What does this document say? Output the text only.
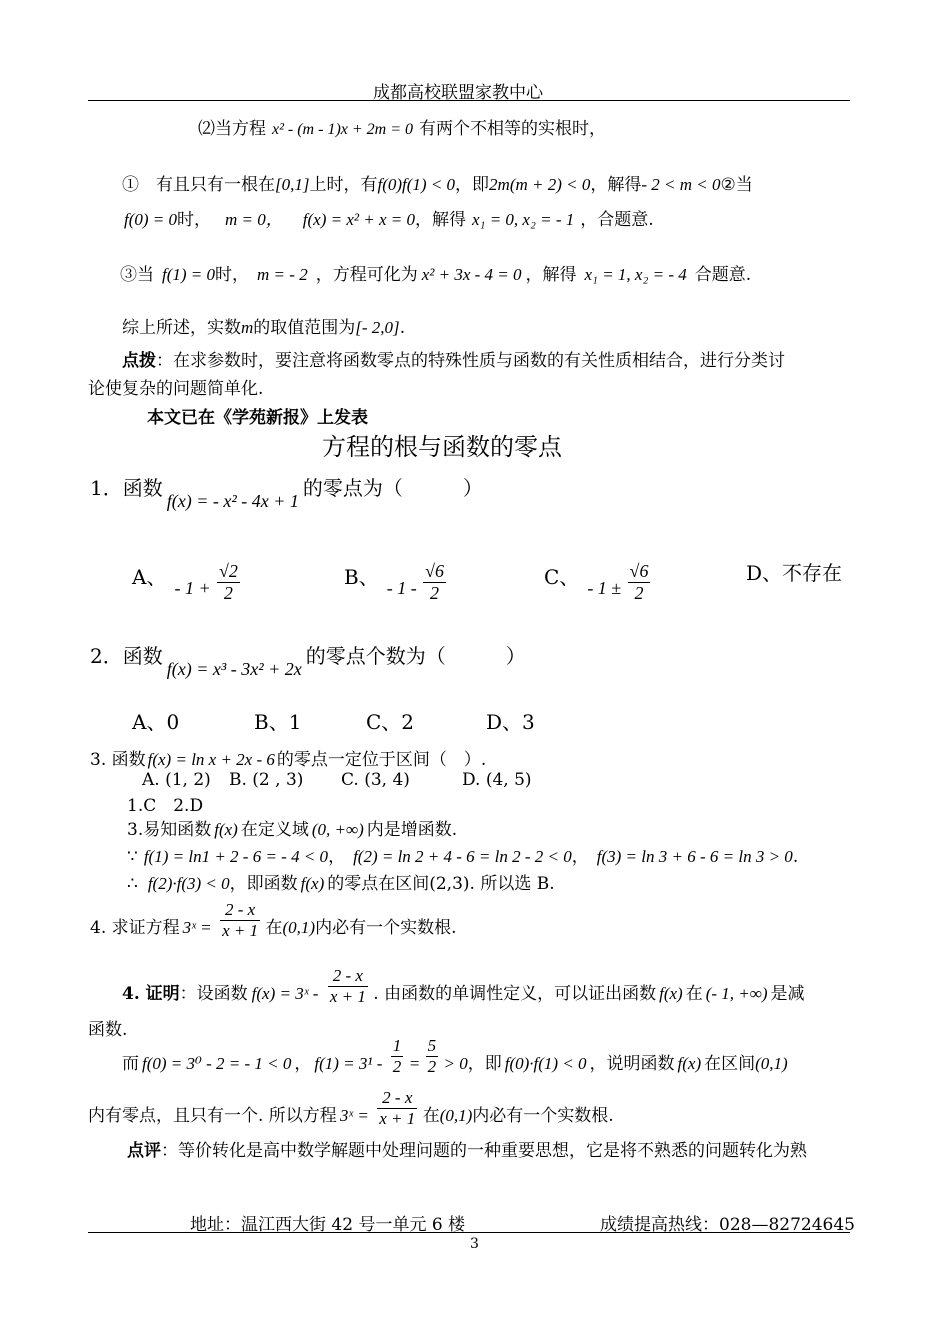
成都高校联盟家教中心
⑵当方程 x² - (m - 1)x + 2m = 0 有两个不相等的实根时，
①　有且只有一根在[0,1]上时，有f(0)f(1) < 0，即2m(m + 2) < 0，解得- 2 < m < 0②当
f(0) = 0时， m = 0， f(x) = x² + x = 0，解得 x₁ = 0, x₂ = - 1 ，合题意.
③当 f(1) = 0时， m = - 2 ，方程可化为 x² + 3x - 4 = 0 ，解得 x₁ = 1, x₂ = - 4 合题意.
综上所述，实数m的取值范围为[- 2,0].
点拨：在求参数时，要注意将函数零点的特殊性质与函数的有关性质相结合，进行分类讨
论使复杂的问题简单化.
本文已在《学苑新报》上发表
方程的根与函数的零点
1．函数f(x) = - x² - 4x + 1的零点为（　　　）
A、 - $1 + \frac{√2}{2}$	B、 - $1 - \frac{√6}{2}$	C、 - $1 \pm \frac{√6}{2}$	D、不存在
2．函数f(x) = x³ - 3x² + 2x的零点个数为（　　　）
A、0	B、1	C、2	D、3
3. 函数 f(x) = ln x + 2x - 6 的零点一定位于区间（　）.
A. (1, 2) B. (2 , 3) C. (3, 4)	D. (4, 5)
1.C　2.D
3.易知函数 f(x) 在定义域 (0, +∞) 内是增函数.
∵ f(1) = ln1 + 2 - 6 = - 4 < 0， f(2) = ln 2 + 4 - 6 = ln 2 - 2 < 0， f(3) = ln 3 + 6 - 6 = ln 3 > 0.
∴ f(2)·f(3) < 0，即函数 f(x) 的零点在区间(2,3). 所以选 B.
4. 求证方程 3ˣ = $\frac{2 - x}{x + 1}$ 在(0,1)内必有一个实数根.
4. 证明：设函数 f(x) = 3ˣ - $\frac{2 - x}{x + 1}$ . 由函数的单调性定义，可以证出函数 f(x) 在 (- 1, +∞) 是减
函数.
而 f(0) = 3⁰ - 2 = - 1 < 0 ， $f(1) = 3^1 - \frac{1}{2} = \frac{5}{2} > 0$，即 f(0)·f(1) < 0 ，说明函数 f(x) 在区间(0,1)
内有零点，且只有一个. 所以方程 3ˣ = $\frac{2 - x}{x + 1}$ 在(0,1)内必有一个实数根.
点评：等价转化是高中数学解题中处理问题的一种重要思想，它是将不熟悉的问题转化为熟
地址：温江西大街 42 号一单元 6 楼	成绩提高热线：028—82724645
3
